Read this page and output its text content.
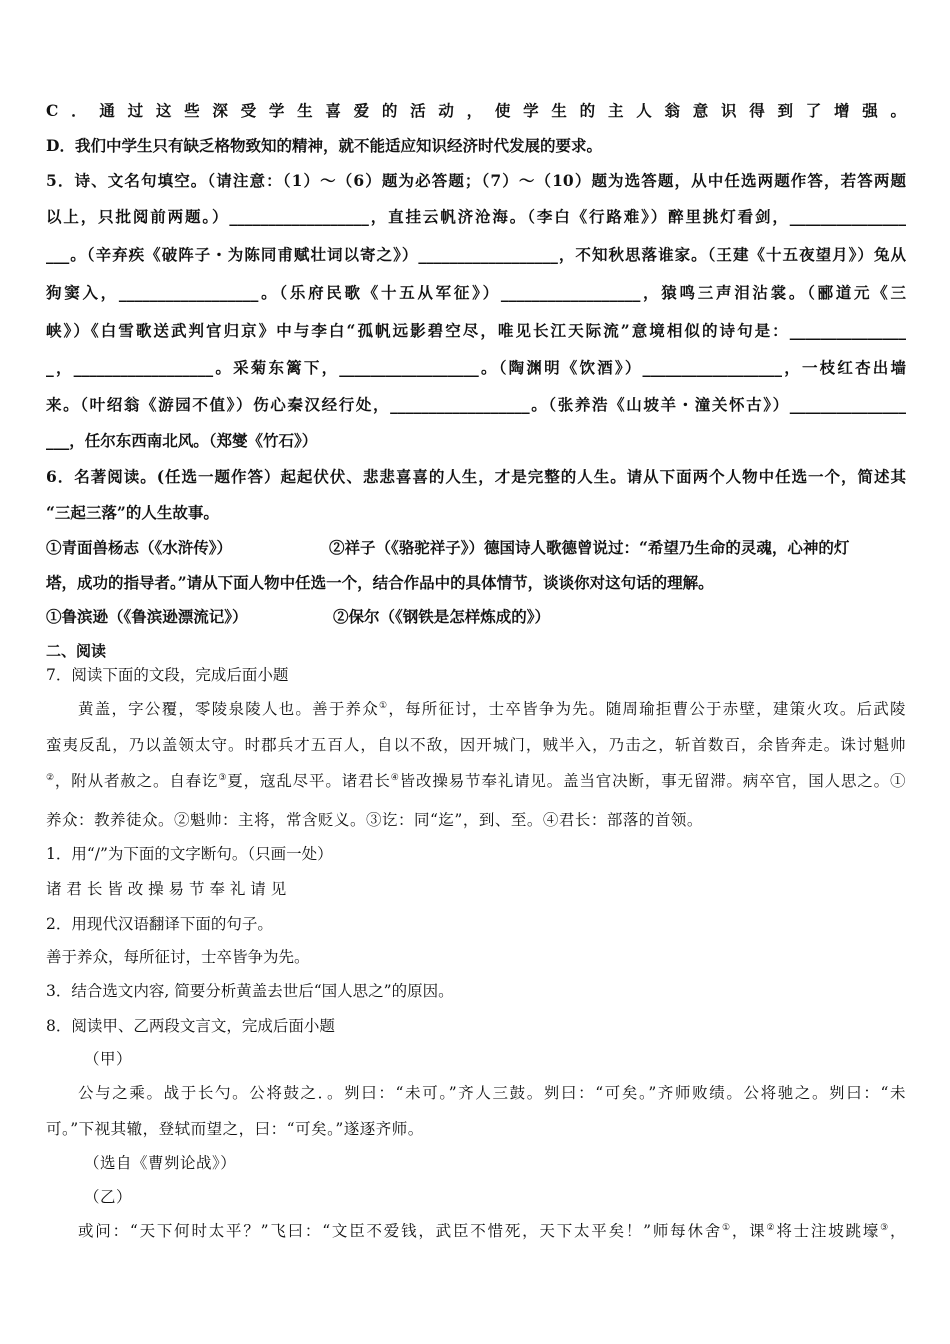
C．通过这些深受学生喜爱的活动，使学生的主人翁意识得到了增强。
D．我们中学生只有缺乏格物致知的精神，就不能适应知识经济时代发展的要求。
5．诗、文名句填空。（请注意：（1）～（6）题为必答题；（7）～（10）题为选答题，从中任选两题作答，若答两题
以上，只批阅前两题。）__________________，直挂云帆济沧海。（李白《行路难》）醉里挑灯看剑，_______________
___。（辛弃疾《破阵子・为陈同甫赋壮词以寄之》）__________________，不知秋思落谁家。（王建《十五夜望月》）兔从
狗窦入，__________________。（乐府民歌《十五从军征》）__________________，猿鸣三声泪沾裳。（郦道元《三
峡》）《白雪歌送武判官归京》中与李白“孤帆远影碧空尽，唯见长江天际流”意境相似的诗句是：_______________
_，__________________。采菊东篱下，__________________。（陶渊明《饮酒》）__________________，一枝红杏出墙
来。（叶绍翁《游园不值》）伤心秦汉经行处，__________________。（张养浩《山坡羊・潼关怀古》）_______________
___，任尔东西南北风。（郑燮《竹石》）
6．名著阅读。(任选一题作答）起起伏伏、悲悲喜喜的人生，才是完整的人生。请从下面两个人物中任选一个，简述其
“三起三落”的人生故事。
①青面兽杨志（《水浒传》）	②祥子（《骆驼祥子》）德国诗人歌德曾说过：“希望乃生命的灵魂，心神的灯
塔，成功的指导者。”请从下面人物中任选一个，结合作品中的具体情节，谈谈你对这句话的理解。
①鲁滨逊（《鲁滨逊漂流记》）	②保尔（《钢铁是怎样炼成的》）
二、阅读
7．阅读下面的文段，完成后面小题
黄盖，字公覆，零陵泉陵人也。善于养众①，每所征讨，士卒皆争为先。随周瑜拒曹公于赤壁，建策火攻。后武陵
蛮夷反乱，乃以盖领太守。时郡兵才五百人，自以不敌，因开城门，贼半入，乃击之，斩首数百，余皆奔走。诛讨魁帅
②，附从者赦之。自春讫③夏，寇乱尽平。诸君长④皆改操易节奉礼请见。盖当官决断，事无留滞。病卒官，国人思之。①
养众：教养徒众。②魁帅：主将，常含贬义。③讫：同“迄”，到、至。④君长：部落的首领。
1．用“/”为下面的文字断句。（只画一处）
诸 君 长 皆 改 操 易 节 奉 礼 请 见
2．用现代汉语翻译下面的句子。
善于养众，每所征讨，士卒皆争为先。
3．结合选文内容, 简要分析黄盖去世后“国人思之”的原因。
8．阅读甲、乙两段文言文，完成后面小题
（甲）
公与之乘。战于长勺。公将鼓之．。刿曰：“未可。”齐人三鼓。刿曰：“可矣。”齐师败绩。公将驰之。刿曰：“未
可。”下视其辙，登轼而望之，曰：“可矣。”遂逐齐师。
（选自《曹刿论战》）
（乙）
或问：“天下何时太平？”飞曰：“文臣不爱钱，武臣不惜死，天下太平矣！”师每休舍①，课②将士注坡跳壕③，
